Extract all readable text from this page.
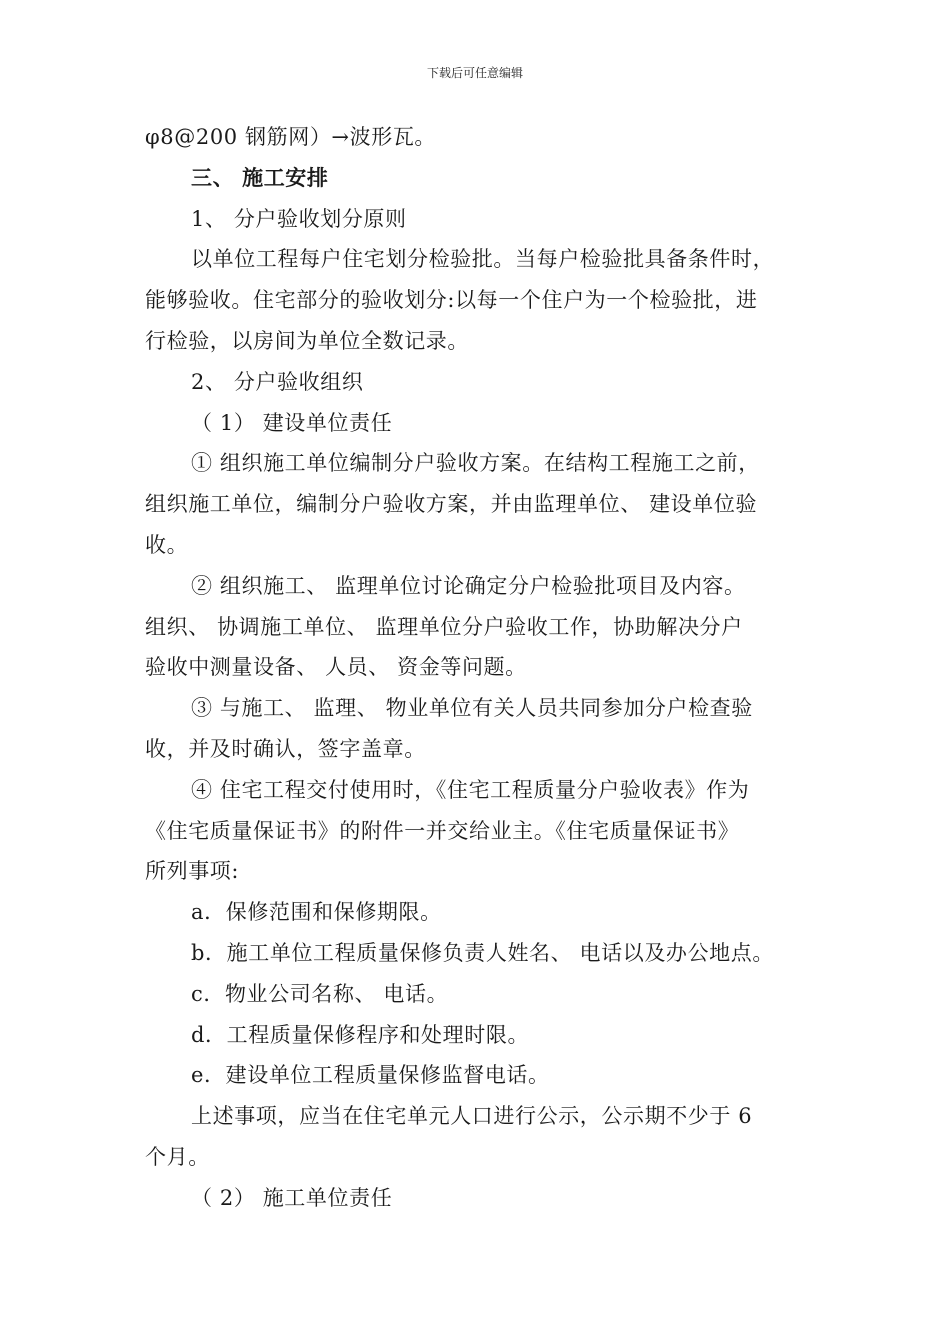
下载后可任意编辑
φ8@200 钢筋网）→波形瓦。
三、 施工安排
1、 分户验收划分原则
以单位工程每户住宅划分检验批。当每户检验批具备条件时，
能够验收。住宅部分的验收划分:以每一个住户为一个检验批，进
行检验，以房间为单位全数记录。
2、 分户验收组织
（ 1） 建设单位责任
① 组织施工单位编制分户验收方案。在结构工程施工之前，
组织施工单位，编制分户验收方案，并由监理单位、 建设单位验
收。
② 组织施工、 监理单位讨论确定分户检验批项目及内容。
组织、 协调施工单位、 监理单位分户验收工作，协助解决分户
验收中测量设备、 人员、 资金等问题。
③ 与施工、 监理、 物业单位有关人员共同参加分户检查验
收，并及时确认，签字盖章。
④ 住宅工程交付使用时，《住宅工程质量分户验收表》作为
《住宅质量保证书》的附件一并交给业主。《住宅质量保证书》
所列事项:
a．保修范围和保修期限。
b．施工单位工程质量保修负责人姓名、 电话以及办公地点。
c．物业公司名称、 电话。
d．工程质量保修程序和处理时限。
e．建设单位工程质量保修监督电话。
上述事项，应当在住宅单元人口进行公示，公示期不少于 6
个月。
（ 2） 施工单位责任
